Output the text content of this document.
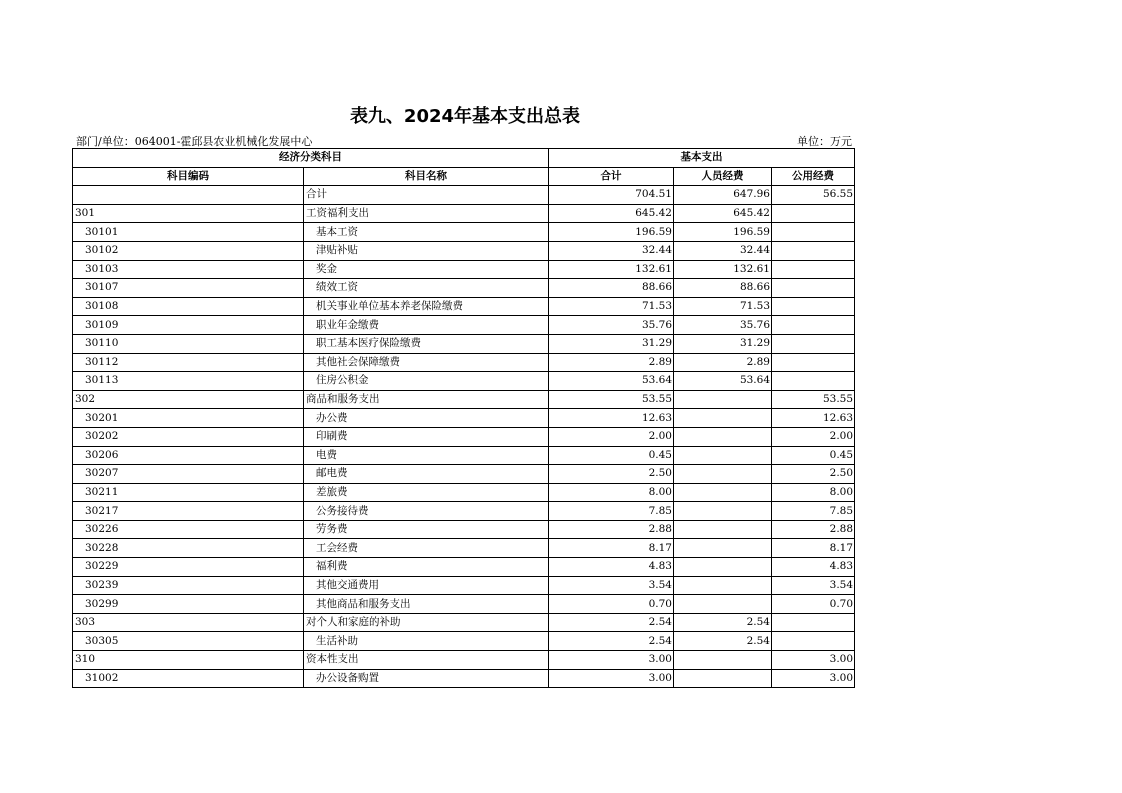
表九、2024年基本支出总表
部门/单位：064001-霍邱县农业机械化发展中心	单位：万元
经济分类科目		基本支出		
科目编码	科目名称	合计	人员经费	公用经费
	合计	704.51	647.96	56.55
301	工资福利支出	645.42	645.42	
30101	基本工资	196.59	196.59	
30102	津贴补贴	32.44	32.44	
30103	奖金	132.61	132.61	
30107	绩效工资	88.66	88.66	
30108	机关事业单位基本养老保险缴费	71.53	71.53	
30109	职业年金缴费	35.76	35.76	
30110	职工基本医疗保险缴费	31.29	31.29	
30112	其他社会保障缴费	2.89	2.89	
30113	住房公积金	53.64	53.64	
302	商品和服务支出	53.55		53.55
30201	办公费	12.63		12.63
30202	印刷费	2.00		2.00
30206	电费	0.45		0.45
30207	邮电费	2.50		2.50
30211	差旅费	8.00		8.00
30217	公务接待费	7.85		7.85
30226	劳务费	2.88		2.88
30228	工会经费	8.17		8.17
30229	福利费	4.83		4.83
30239	其他交通费用	3.54		3.54
30299	其他商品和服务支出	0.70		0.70
303	对个人和家庭的补助	2.54	2.54	
30305	生活补助	2.54	2.54	
310	资本性支出	3.00		3.00
31002	办公设备购置	3.00		3.00
